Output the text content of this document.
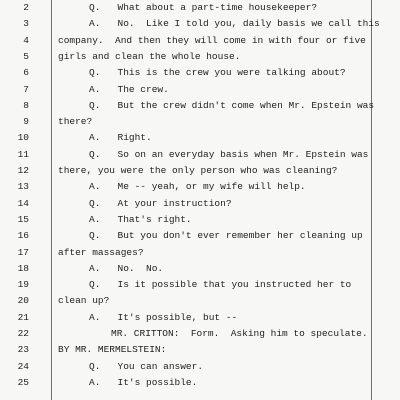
2	Q.   What about a part-time housekeeper?
3	A.   No.  Like I told you, daily basis we call this
4	company.  And then they will come in with four or five
5	girls and clean the whole house.
6	Q.   This is the crew you were talking about?
7	A.   The crew.
8	Q.   But the crew didn't come when Mr. Epstein was
9	there?
10	A.   Right.
11	Q.   So on an everyday basis when Mr. Epstein was
12	there, you were the only person who was cleaning?
13	A.   Me -- yeah, or my wife will help.
14	Q.   At your instruction?
15	A.   That's right.
16	Q.   But you don't ever remember her cleaning up
17	after massages?
18	A.   No.  No.
19	Q.   Is it possible that you instructed her to
20	clean up?
21	A.   It's possible, but --
22	MR. CRITTON:  Form.  Asking him to speculate.
23	BY MR. MERMELSTEIN:
24	Q.   You can answer.
25	A.   It's possible.
